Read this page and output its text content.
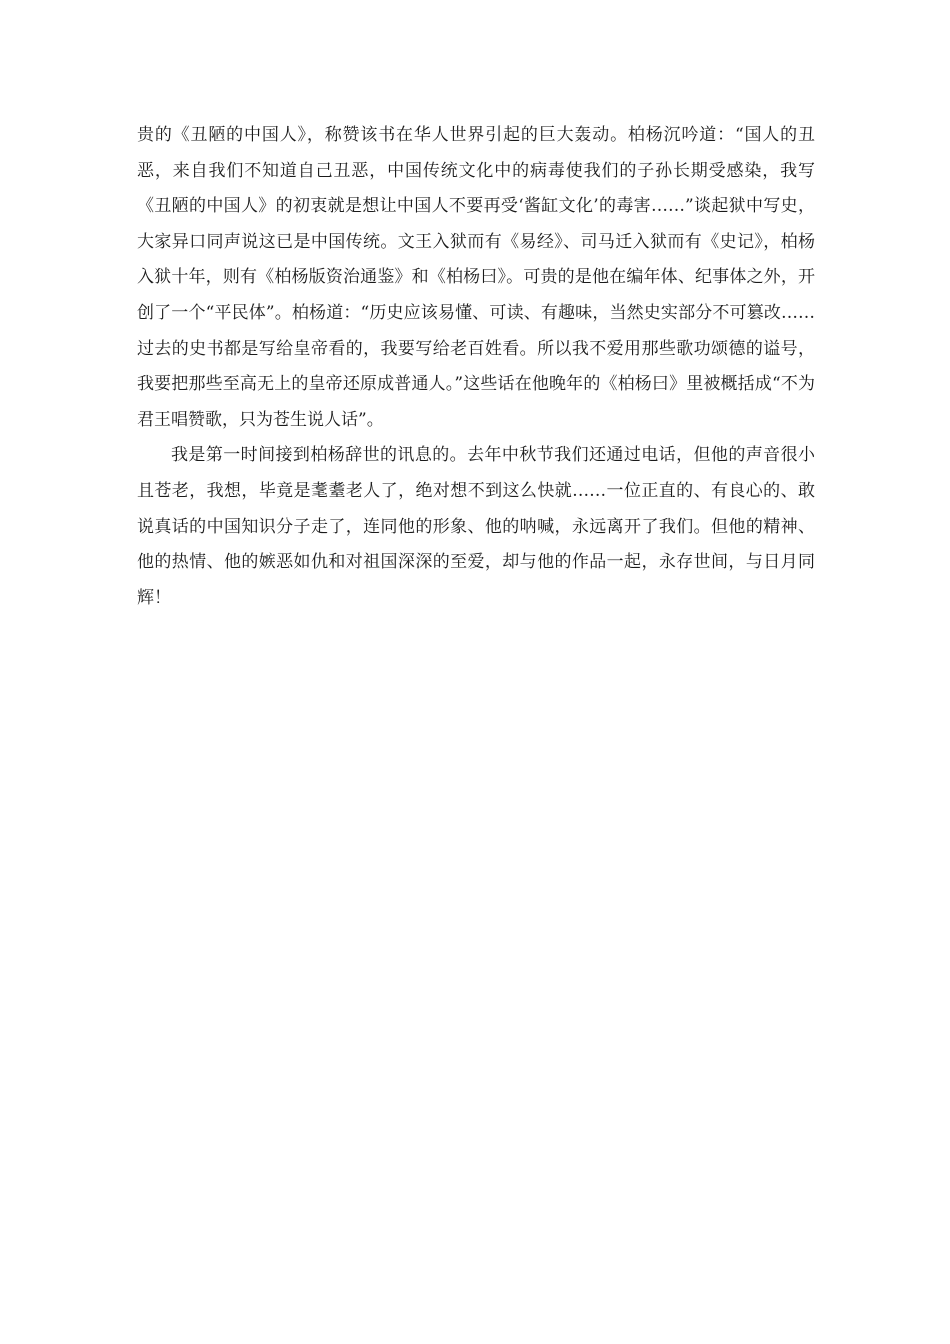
贵的《丑陋的中国人》，称赞该书在华人世界引起的巨大轰动。柏杨沉吟道：“国人的丑恶，来自我们不知道自己丑恶，中国传统文化中的病毒使我们的子孙长期受感染，我写《丑陋的中国人》的初衷就是想让中国人不要再受‘酱缸文化’的毒害……”谈起狱中写史，大家异口同声说这已是中国传统。文王入狱而有《易经》、司马迁入狱而有《史记》，柏杨入狱十年，则有《柏杨版资治通鉴》和《柏杨曰》。可贵的是他在编年体、纪事体之外，开创了一个“平民体”。柏杨道：“历史应该易懂、可读、有趣味，当然史实部分不可篡改……过去的史书都是写给皇帝看的，我要写给老百姓看。所以我不爱用那些歌功颂德的谥号，我要把那些至高无上的皇帝还原成普通人。”这些话在他晚年的《柏杨曰》里被概括成“不为君王唱赞歌，只为苍生说人话”。

我是第一时间接到柏杨辞世的讯息的。去年中秋节我们还通过电话，但他的声音很小且苍老，我想，毕竟是耄耋老人了，绝对想不到这么快就……一位正直的、有良心的、敢说真话的中国知识分子走了，连同他的形象、他的呐喊，永远离开了我们。但他的精神、他的热情、他的嫉恶如仇和对祖国深深的至爱，却与他的作品一起，永存世间，与日月同辉！
